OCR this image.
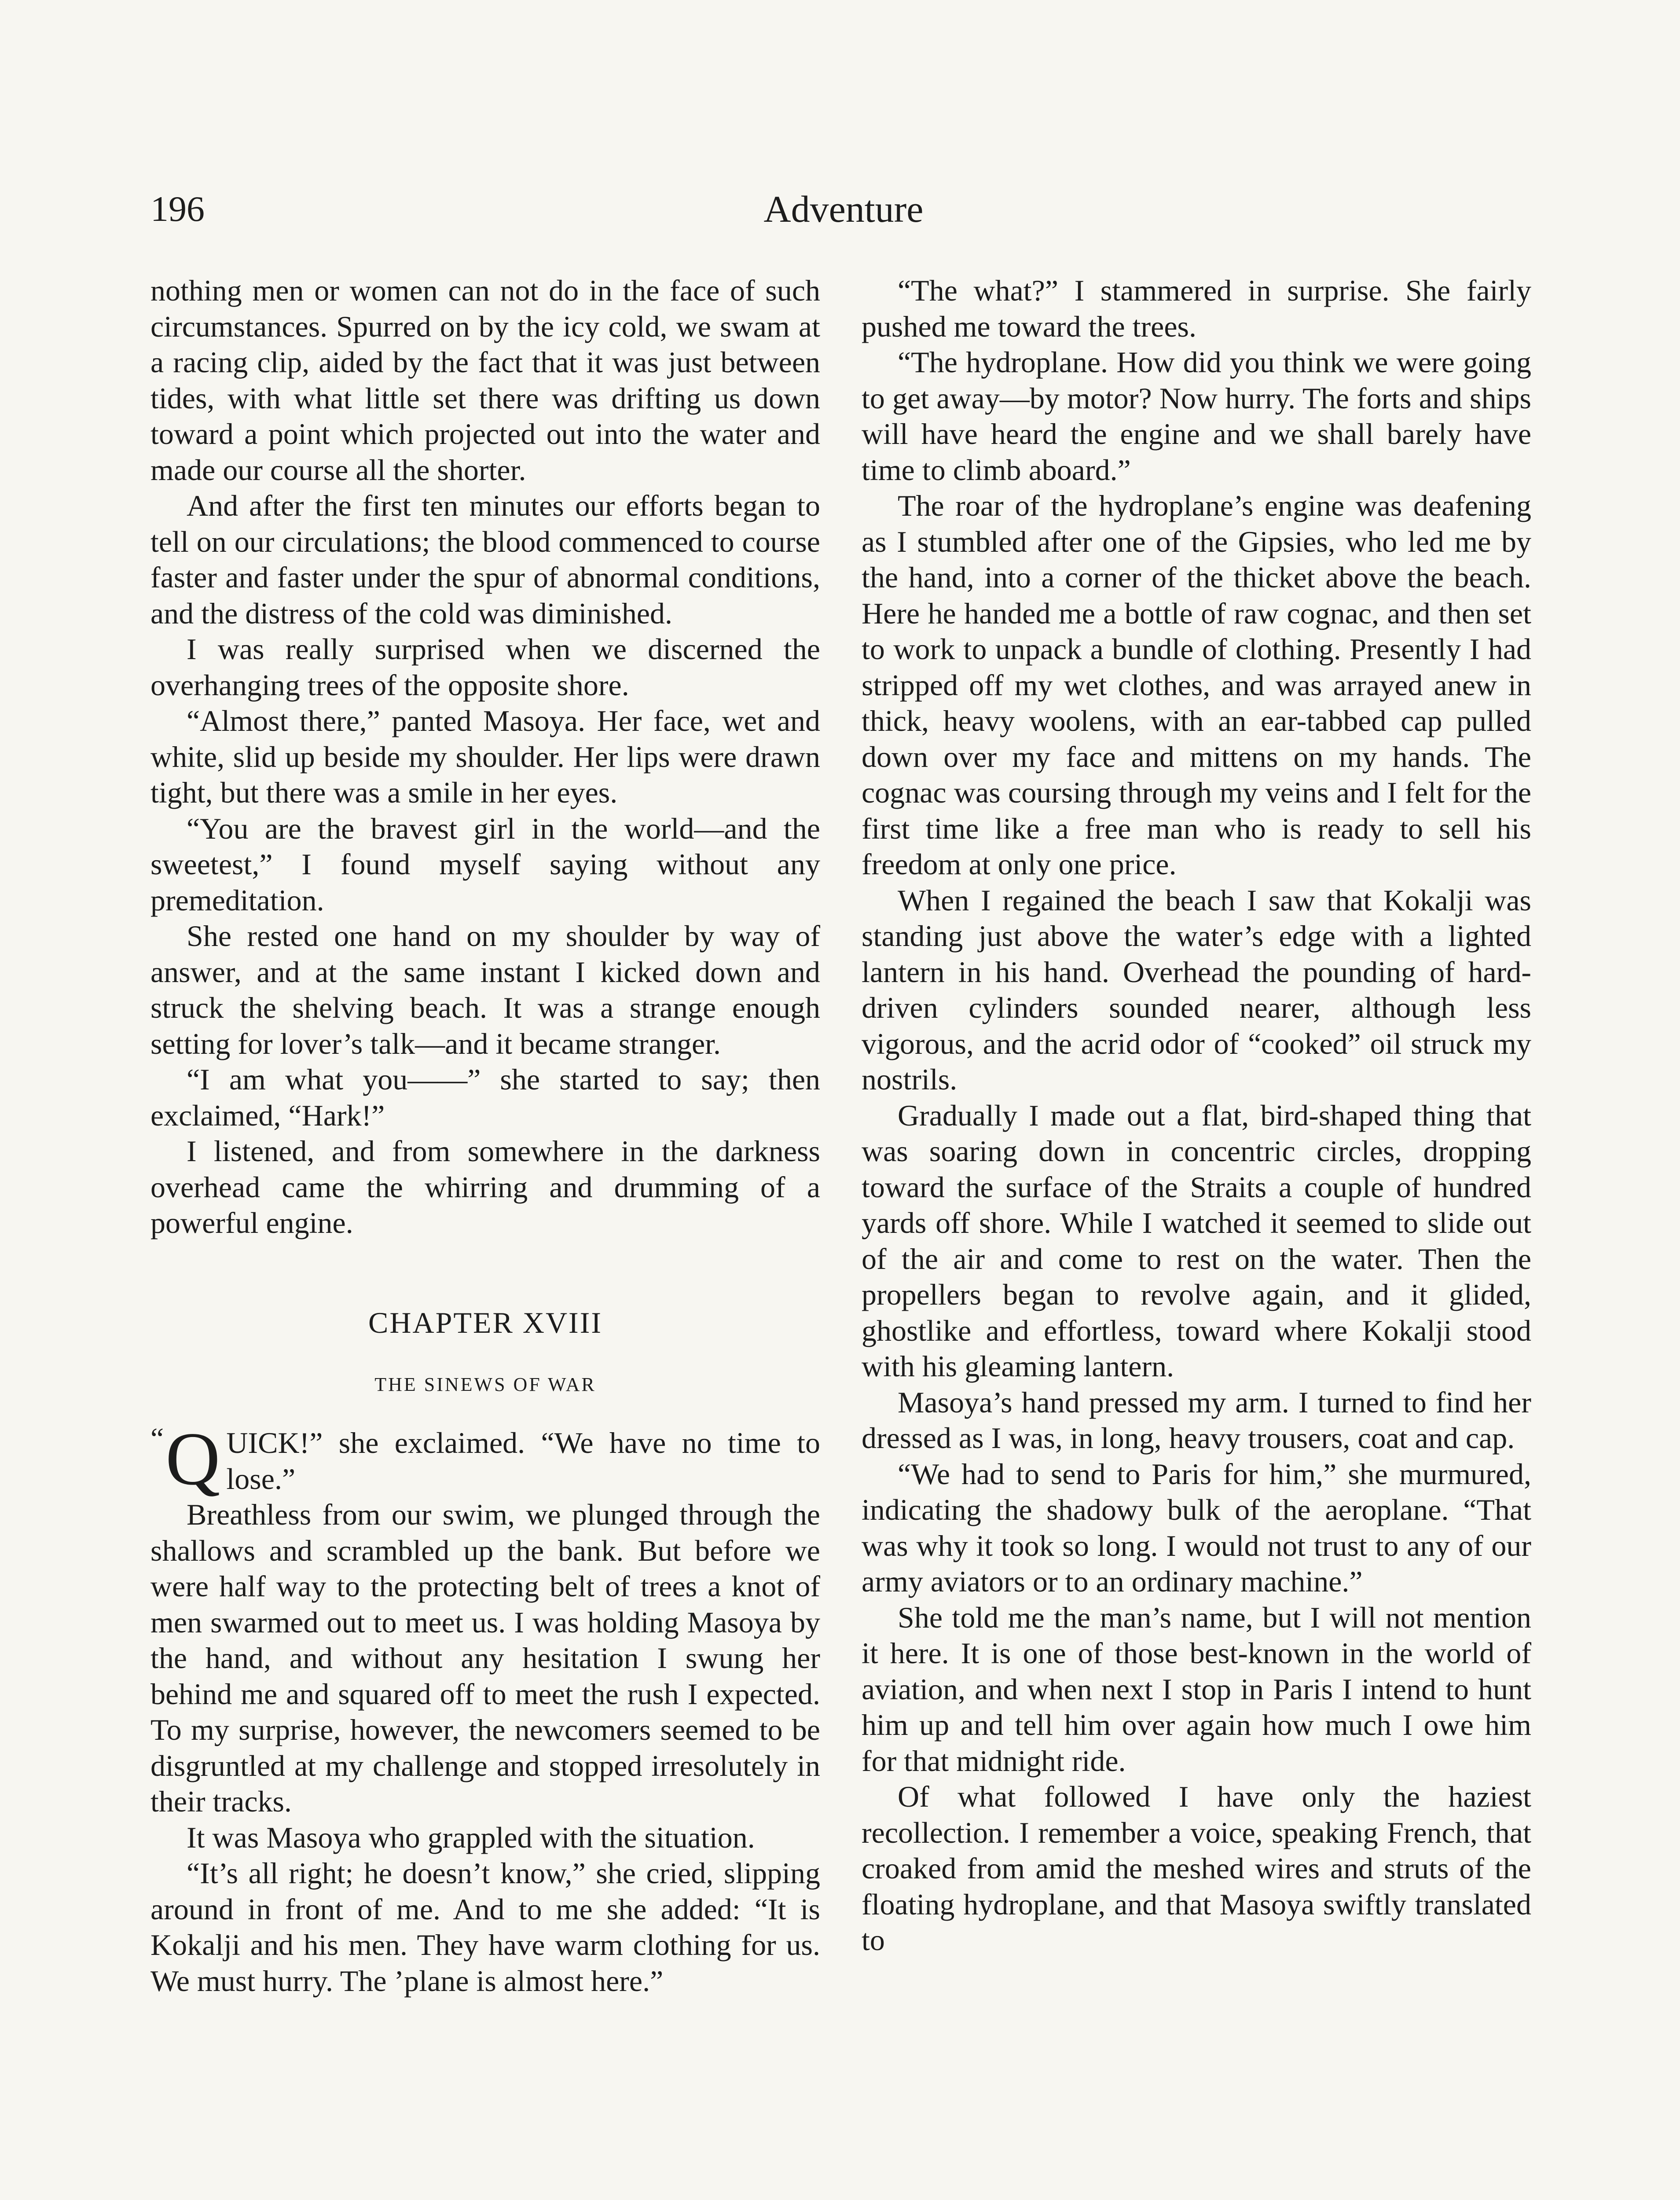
196	Adventure

nothing men or women can not do in the face of such circumstances. Spurred on by the icy cold, we swam at a racing clip, aided by the fact that it was just between tides, with what little set there was drifting us down toward a point which projected out into the water and made our course all the shorter.

And after the first ten minutes our efforts began to tell on our circulations; the blood commenced to course faster and faster under the spur of abnormal conditions, and the distress of the cold was diminished.

I was really surprised when we discerned the overhanging trees of the opposite shore.

“Almost there,” panted Masoya. Her face, wet and white, slid up beside my shoulder. Her lips were drawn tight, but there was a smile in her eyes.

“You are the bravest girl in the world—and the sweetest,” I found myself saying without any premeditation.

She rested one hand on my shoulder by way of answer, and at the same instant I kicked down and struck the shelving beach. It was a strange enough setting for lover’s talk—and it became stranger.

“I am what you——” she started to say; then exclaimed, “Hark!”

I listened, and from somewhere in the darkness overhead came the whirring and drumming of a powerful engine.

CHAPTER XVIII
THE SINEWS OF WAR

“ Q UICK!” she exclaimed. “We have no time to lose.”

Breathless from our swim, we plunged through the shallows and scrambled up the bank. But before we were half way to the protecting belt of trees a knot of men swarmed out to meet us. I was holding Masoya by the hand, and without any hesitation I swung her behind me and squared off to meet the rush I expected. To my surprise, however, the newcomers seemed to be disgruntled at my challenge and stopped irresolutely in their tracks.

It was Masoya who grappled with the situation.

“It’s all right; he doesn’t know,” she cried, slipping around in front of me. And to me she added: “It is Kokalji and his men. They have warm clothing for us. We must hurry. The ’plane is almost here.”

“The what?” I stammered in surprise. She fairly pushed me toward the trees.

“The hydroplane. How did you think we were going to get away—by motor? Now hurry. The forts and ships will have heard the engine and we shall barely have time to climb aboard.”

The roar of the hydroplane’s engine was deafening as I stumbled after one of the Gipsies, who led me by the hand, into a corner of the thicket above the beach. Here he handed me a bottle of raw cognac, and then set to work to unpack a bundle of clothing. Presently I had stripped off my wet clothes, and was arrayed anew in thick, heavy woolens, with an ear-tabbed cap pulled down over my face and mittens on my hands. The cognac was coursing through my veins and I felt for the first time like a free man who is ready to sell his freedom at only one price.

When I regained the beach I saw that Kokalji was standing just above the water’s edge with a lighted lantern in his hand. Overhead the pounding of hard-driven cylinders sounded nearer, although less vigorous, and the acrid odor of “cooked” oil struck my nostrils.

Gradually I made out a flat, bird-shaped thing that was soaring down in concentric circles, dropping toward the surface of the Straits a couple of hundred yards off shore. While I watched it seemed to slide out of the air and come to rest on the water. Then the propellers began to revolve again, and it glided, ghostlike and effortless, toward where Kokalji stood with his gleaming lantern.

Masoya’s hand pressed my arm. I turned to find her dressed as I was, in long, heavy trousers, coat and cap.

“We had to send to Paris for him,” she murmured, indicating the shadowy bulk of the aeroplane. “That was why it took so long. I would not trust to any of our army aviators or to an ordinary machine.”

She told me the man’s name, but I will not mention it here. It is one of those best-known in the world of aviation, and when next I stop in Paris I intend to hunt him up and tell him over again how much I owe him for that midnight ride.

Of what followed I have only the haziest recollection. I remember a voice, speaking French, that croaked from amid the meshed wires and struts of the floating hydroplane, and that Masoya swiftly translated to
